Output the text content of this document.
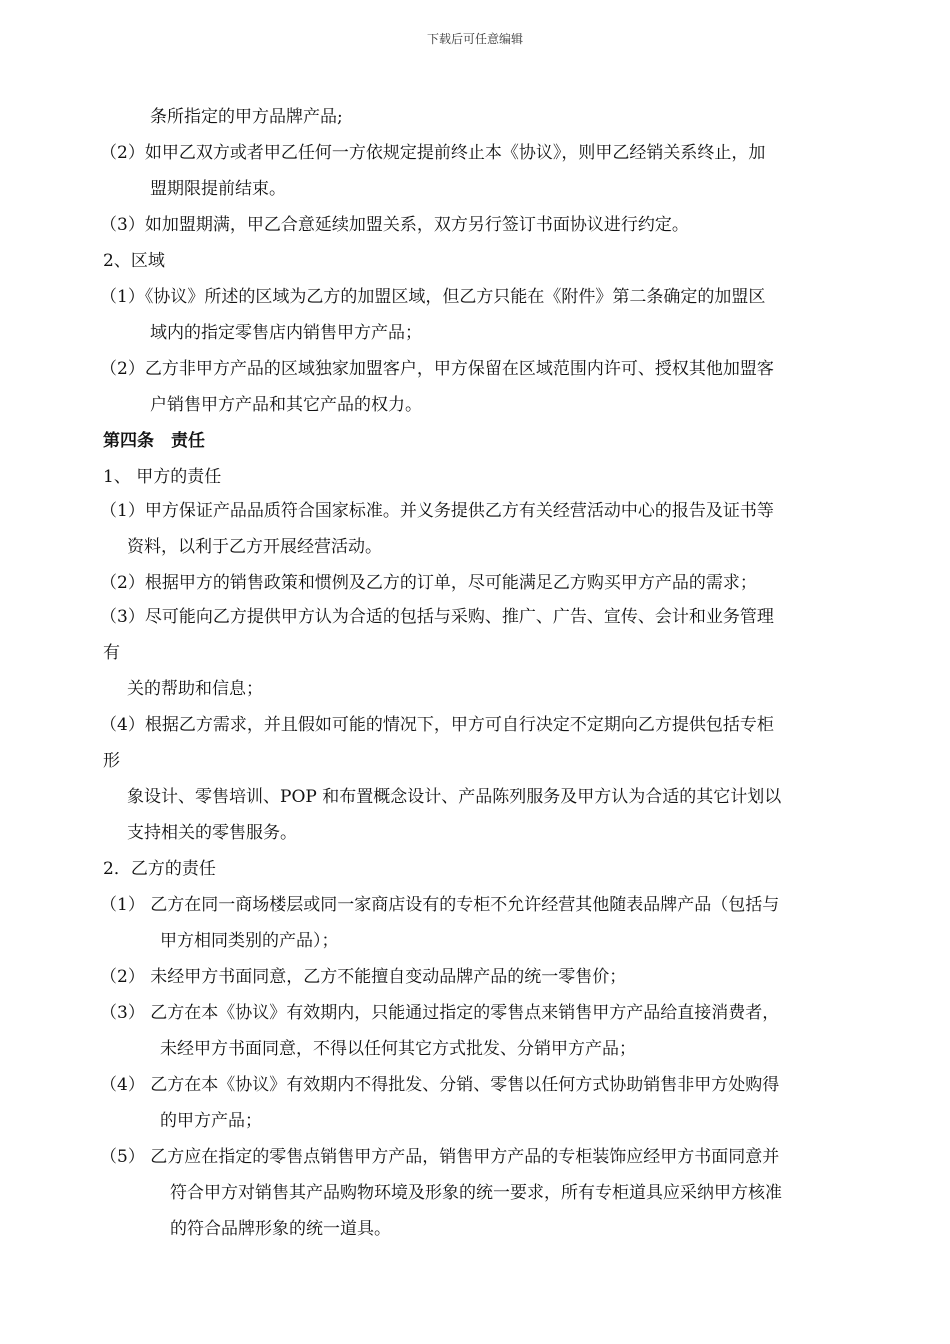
下载后可任意编辑
条所指定的甲方品牌产品;
（2）如甲乙双方或者甲乙任何一方依规定提前终止本《协议》，则甲乙经销关系终止，加
盟期限提前结束。
（3）如加盟期满，甲乙合意延续加盟关系，双方另行签订书面协议进行约定。
2、区域
（1）《协议》所述的区域为乙方的加盟区域，但乙方只能在《附件》第二条确定的加盟区
域内的指定零售店内销售甲方产品；
（2）乙方非甲方产品的区域独家加盟客户，甲方保留在区域范围内许可、授权其他加盟客
户销售甲方产品和其它产品的权力。
第四条　责任
1、 甲方的责任
（1）甲方保证产品品质符合国家标准。并义务提供乙方有关经营活动中心的报告及证书等
资料，以利于乙方开展经营活动。
（2）根据甲方的销售政策和惯例及乙方的订单，尽可能满足乙方购买甲方产品的需求；
（3）尽可能向乙方提供甲方认为合适的包括与采购、推广、广告、宣传、会计和业务管理
有
关的帮助和信息；
（4）根据乙方需求，并且假如可能的情况下，甲方可自行决定不定期向乙方提供包括专柜
形
象设计、零售培训、POP 和布置概念设计、产品陈列服务及甲方认为合适的其它计划以
支持相关的零售服务。
2．乙方的责任
（1） 乙方在同一商场楼层或同一家商店设有的专柜不允许经营其他随表品牌产品（包括与
甲方相同类别的产品）；
（2） 未经甲方书面同意，乙方不能擅自变动品牌产品的统一零售价；
（3） 乙方在本《协议》有效期内，只能通过指定的零售点来销售甲方产品给直接消费者，
未经甲方书面同意，不得以任何其它方式批发、分销甲方产品；
（4） 乙方在本《协议》有效期内不得批发、分销、零售以任何方式协助销售非甲方处购得
的甲方产品；
（5） 乙方应在指定的零售点销售甲方产品，销售甲方产品的专柜装饰应经甲方书面同意并
符合甲方对销售其产品购物环境及形象的统一要求，所有专柜道具应采纳甲方核准
的符合品牌形象的统一道具。
